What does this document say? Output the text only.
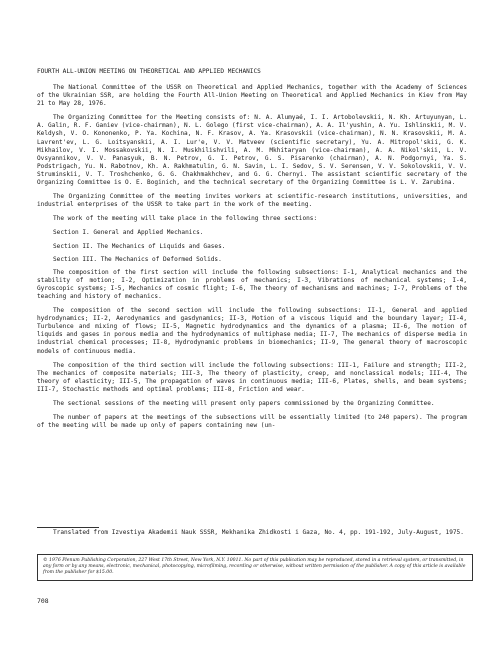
FOURTH ALL-UNION MEETING ON THEORETICAL AND APPLIED MECHANICS

The National Committee of the USSR on Theoretical and Applied Mechanics, together with the Academy of Sciences of the Ukrainian SSR, are holding the Fourth All-Union Meeting on Theoretical and Applied Mechanics in Kiev from May 21 to May 28, 1976.

The Organizing Committee for the Meeting consists of: N. A. Alumyaé, I. I. Artobolevskii, N. Kh. Artuyunyan, L. A. Galin, R. F. Ganiev (vice-chairman), N. L. Golego (first vice-chairman), A. A. Il'yushin, A. Yu. Ishlinskii, M. V. Keldysh, V. O. Kononenko, P. Ya. Kochina, N. F. Krasov, A. Ya. Krasovskii (vice-chairman), N. N. Krasovskii, M. A. Lavrent'ev, L. G. Loitsyanskii, A. I. Lur'e, V. V. Matveev (scientific secretary), Yu. A. Mitropol'skii, G. K. Mikhailov, V. I. Mossakovskii, N. I. Muskhilishvili, A. M. Mkhitaryan (vice-chairman), A. A. Nikol'skii, L. V. Ovsyannikov, V. V. Panasyuk, B. N. Petrov, G. I. Petrov, G. S. Pisarenko (chairman), A. N. Podgornyi, Ya. S. Podstrigach, Yu. N. Rabotnov, Kh. A. Rakhmatulin, G. N. Savin, L. I. Sedov, S. V. Serensen, V. V. Sokolovskii, V. V. Struminskii, V. T. Troshchenko, G. G. Chakhmakhchev, and G. G. Chernyi. The assistant scientific secretary of the Organizing Committee is O. E. Boginich, and the technical secretary of the Organizing Committee is L. V. Zarubina.

The Organizing Committee of the meeting invites workers at scientific-research institutions, universities, and industrial enterprises of the USSR to take part in the work of the meeting.

The work of the meeting will take place in the following three sections:

Section I. General and Applied Mechanics.

Section II. The Mechanics of Liquids and Gases.

Section III. The Mechanics of Deformed Solids.

The composition of the first section will include the following subsections: I-1, Analytical mechanics and the stability of motion; I-2, Optimization in problems of mechanics; I-3, Vibrations of mechanical systems; I-4, Gyroscopic systems; I-5, Mechanics of cosmic flight; I-6, The theory of mechanisms and machines; I-7, Problems of the teaching and history of mechanics.

The composition of the second section will include the following subsections: II-1, General and applied hydrodynamics; II-2, Aerodynamics and gasdynamics; II-3, Motion of a viscous liquid and the boundary layer; II-4, Turbulence and mixing of flows; II-5, Magnetic hydrodynamics and the dynamics of a plasma; II-6, The motion of liquids and gases in porous media and the hydrodynamics of multiphase media; II-7, The mechanics of disperse media in industrial chemical processes; II-8, Hydrodynamic problems in biomechanics; II-9, The general theory of macroscopic models of continuous media.

The composition of the third section will include the following subsections: III-1, Failure and strength; III-2, The mechanics of composite materials; III-3, The theory of plasticity, creep, and nonclassical models; III-4, The theory of elasticity; III-5, The propagation of waves in continuous media; III-6, Plates, shells, and beam systems; III-7, Stochastic methods and optimal problems; III-8, Friction and wear.

The sectional sessions of the meeting will present only papers commissioned by the Organizing Committee.

The number of papers at the meetings of the subsections will be essentially limited (to 240 papers). The program of the meeting will be made up only of papers containing new (un-

Translated from Izvestiya Akademii Nauk SSSR, Mekhanika Zhidkosti i Gaza, No. 4, pp. 191-192, July-August, 1975.
© 1976 Plenum Publishing Corporation, 227 West 17th Street, New York, N.Y. 10011. No part of this publication may be reproduced, stored in a retrieval system, or transmitted, in any form or by any means, electronic, mechanical, photocopying, microfilming, recording or otherwise, without written permission of the publisher. A copy of this article is available from the publisher for $15.00.
708
